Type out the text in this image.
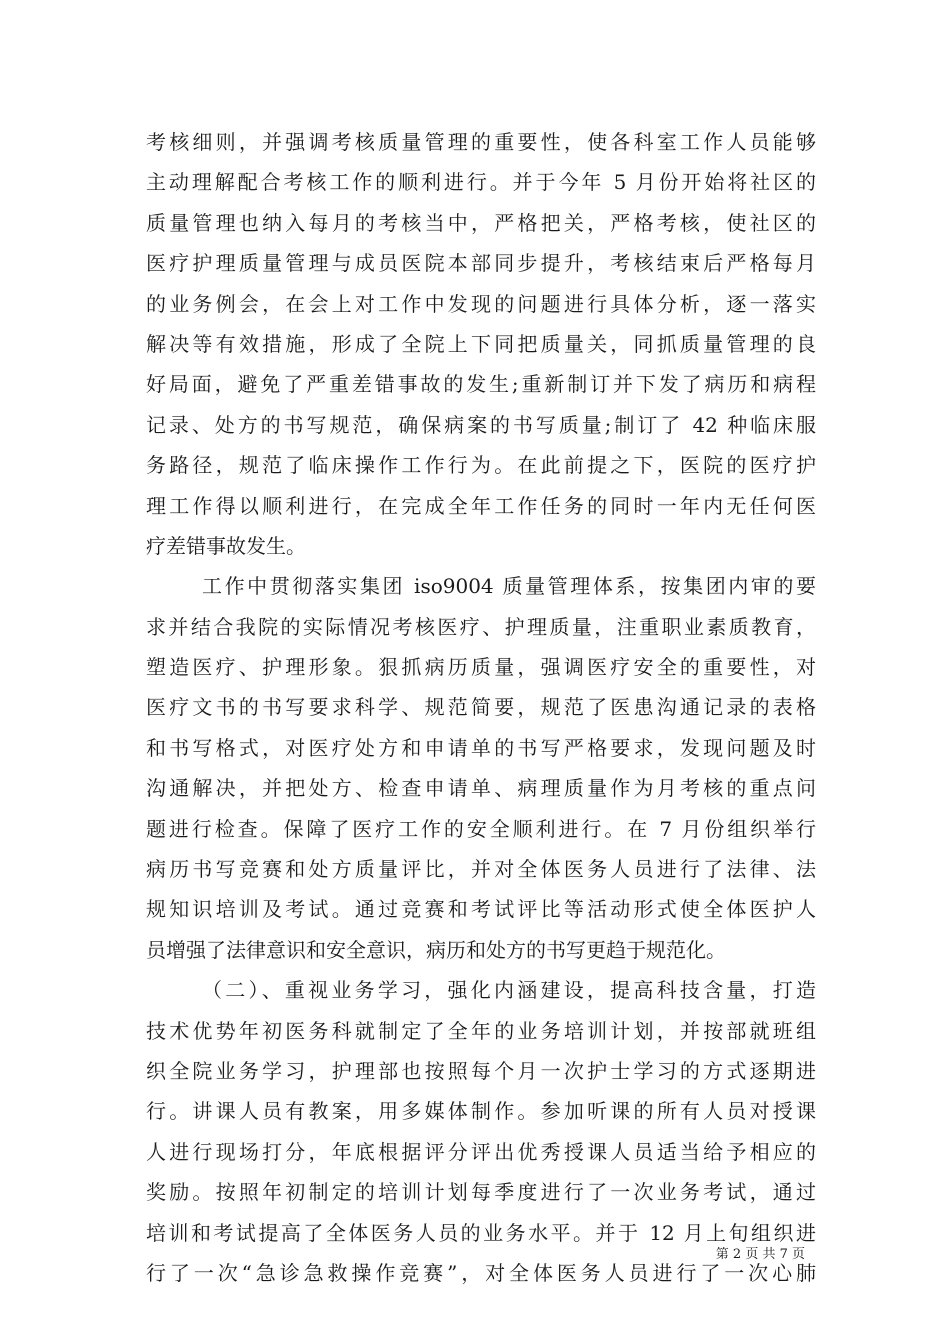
考核细则，并强调考核质量管理的重要性，使各科室工作人员能够
主动理解配合考核工作的顺利进行。并于今年 5 月份开始将社区的
质量管理也纳入每月的考核当中，严格把关，严格考核，使社区的
医疗护理质量管理与成员医院本部同步提升，考核结束后严格每月
的业务例会，在会上对工作中发现的问题进行具体分析，逐一落实
解决等有效措施，形成了全院上下同把质量关，同抓质量管理的良
好局面，避免了严重差错事故的发生;重新制订并下发了病历和病程
记录、处方的书写规范，确保病案的书写质量;制订了 42 种临床服
务路径，规范了临床操作工作行为。在此前提之下，医院的医疗护
理工作得以顺利进行，在完成全年工作任务的同时一年内无任何医
疗差错事故发生。
工作中贯彻落实集团 iso9004 质量管理体系，按集团内审的要
求并结合我院的实际情况考核医疗、护理质量，注重职业素质教育，
塑造医疗、护理形象。狠抓病历质量，强调医疗安全的重要性，对
医疗文书的书写要求科学、规范简要，规范了医患沟通记录的表格
和书写格式，对医疗处方和申请单的书写严格要求，发现问题及时
沟通解决，并把处方、检查申请单、病理质量作为月考核的重点问
题进行检查。保障了医疗工作的安全顺利进行。在 7 月份组织举行
病历书写竞赛和处方质量评比，并对全体医务人员进行了法律、法
规知识培训及考试。通过竞赛和考试评比等活动形式使全体医护人
员增强了法律意识和安全意识，病历和处方的书写更趋于规范化。
（二）、重视业务学习，强化内涵建设，提高科技含量，打造
技术优势年初医务科就制定了全年的业务培训计划，并按部就班组
织全院业务学习，护理部也按照每个月一次护士学习的方式逐期进
行。讲课人员有教案，用多媒体制作。参加听课的所有人员对授课
人进行现场打分，年底根据评分评出优秀授课人员适当给予相应的
奖励。按照年初制定的培训计划每季度进行了一次业务考试，通过
培训和考试提高了全体医务人员的业务水平。并于 12 月上旬组织进
行了一次“急诊急救操作竞赛”，对全体医务人员进行了一次心肺
第 2 页 共 7 页
